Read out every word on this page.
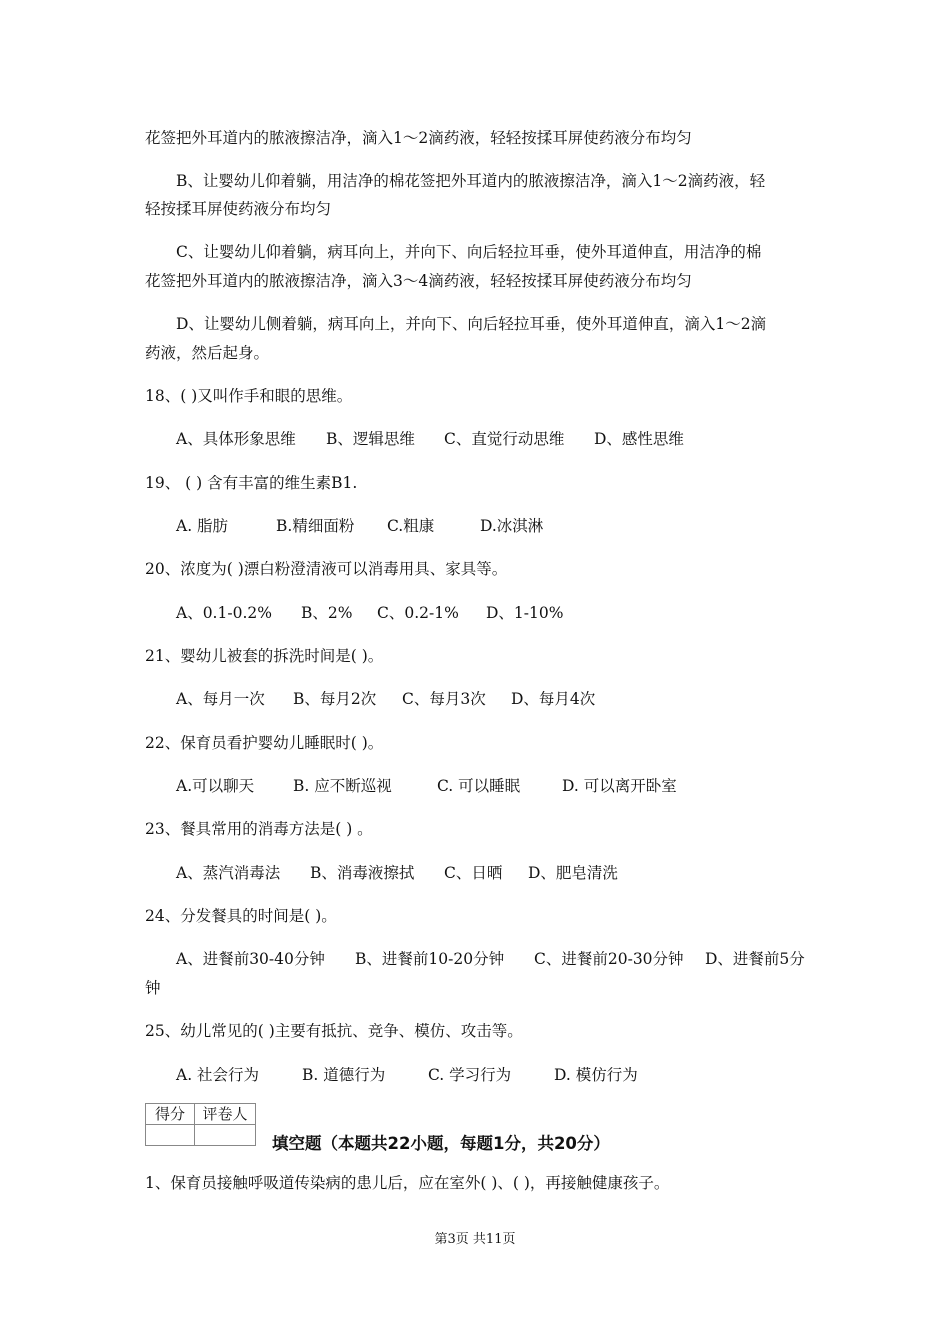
花签把外耳道内的脓液擦洁净，滴入1～2滴药液，轻轻按揉耳屏使药液分布均匀
B、让婴幼儿仰着躺，用洁净的棉花签把外耳道内的脓液擦洁净，滴入1～2滴药液，轻
轻按揉耳屏使药液分布均匀
C、让婴幼儿仰着躺，病耳向上，并向下、向后轻拉耳垂，使外耳道伸直，用洁净的棉
花签把外耳道内的脓液擦洁净，滴入3～4滴药液，轻轻按揉耳屏使药液分布均匀
D、让婴幼儿侧着躺，病耳向上，并向下、向后轻拉耳垂，使外耳道伸直，滴入1～2滴
药液，然后起身。
18、( )又叫作手和眼的思维。
A、具体形象思维 B、逻辑思维 C、直觉行动思维 D、感性思维
19、 ( ) 含有丰富的维生素B1.
A. 脂肪	B.精细面粉 C.粗康	D.冰淇淋
20、浓度为( )漂白粉澄清液可以消毒用具、家具等。
A、0.1-0.2% B、2% C、0.2-1% D、1-10%
21、婴幼儿被套的拆洗时间是( )。
A、每月一次 B、每月2次 C、每月3次 D、每月4次
22、保育员看护婴幼儿睡眠时( )。
A.可以聊天	B. 应不断巡视	C. 可以睡眠	D. 可以离开卧室
23、餐具常用的消毒方法是( ) 。
A、蒸汽消毒法 B、消毒液擦拭 C、日晒 D、肥皂清洗
24、分发餐具的时间是( )。
A、进餐前30-40分钟 B、进餐前10-20分钟 C、进餐前20-30分钟 D、进餐前5分
钟
25、幼儿常见的( )主要有抵抗、竞争、模仿、攻击等。
A. 社会行为	B. 道德行为	C. 学习行为	D. 模仿行为
得分	评卷人

填空题（本题共22小题，每题1分，共20分）
1、保育员接触呼吸道传染病的患儿后，应在室外( )、( )，再接触健康孩子。
第3页 共11页
